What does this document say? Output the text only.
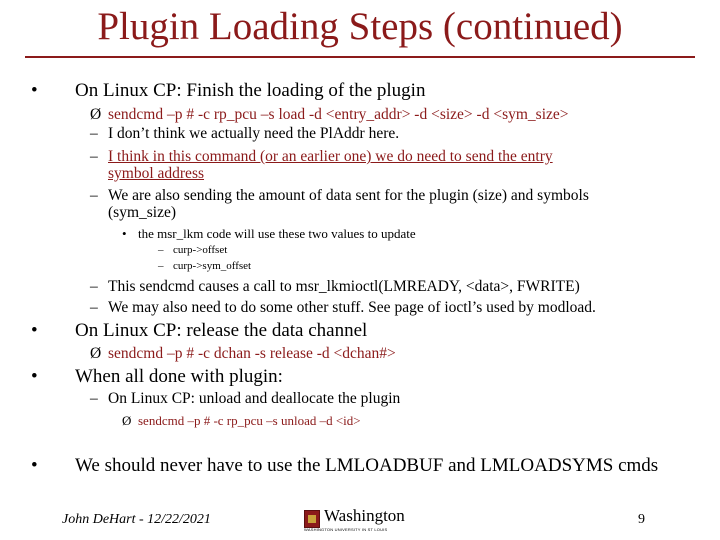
Plugin Loading Steps (continued)
• On Linux CP: Finish the loading of the plugin
Ø sendcmd –p # -c rp_pcu –s load -d <entry_addr> -d <size> -d <sym_size>
– I don’t think we actually need the PlAddr here.
– I think in this command (or an earlier one) we do need to send the entry
symbol address
– We are also sending the amount of data sent for the plugin (size) and symbols
(sym_size)
• the msr_lkm code will use these two values to update
– curp->offset
– curp->sym_offset
– This sendcmd causes a call to msr_lkmioctl(LMREADY, <data>, FWRITE)
– We may also need to do some other stuff. See page of ioctl’s used by modload.
• On Linux CP: release the data channel
Ø sendcmd –p # -c dchan -s release -d <dchan#>
• When all done with plugin:
– On Linux CP: unload and deallocate the plugin
Ø sendcmd –p # -c rp_pcu –s unload –d <id>
• We should never have to use the LMLOADBUF and LMLOADSYMS cmds
John DeHart - 12/22/2021	Washington
WASHINGTON UNIVERSITY IN ST LOUIS
9
